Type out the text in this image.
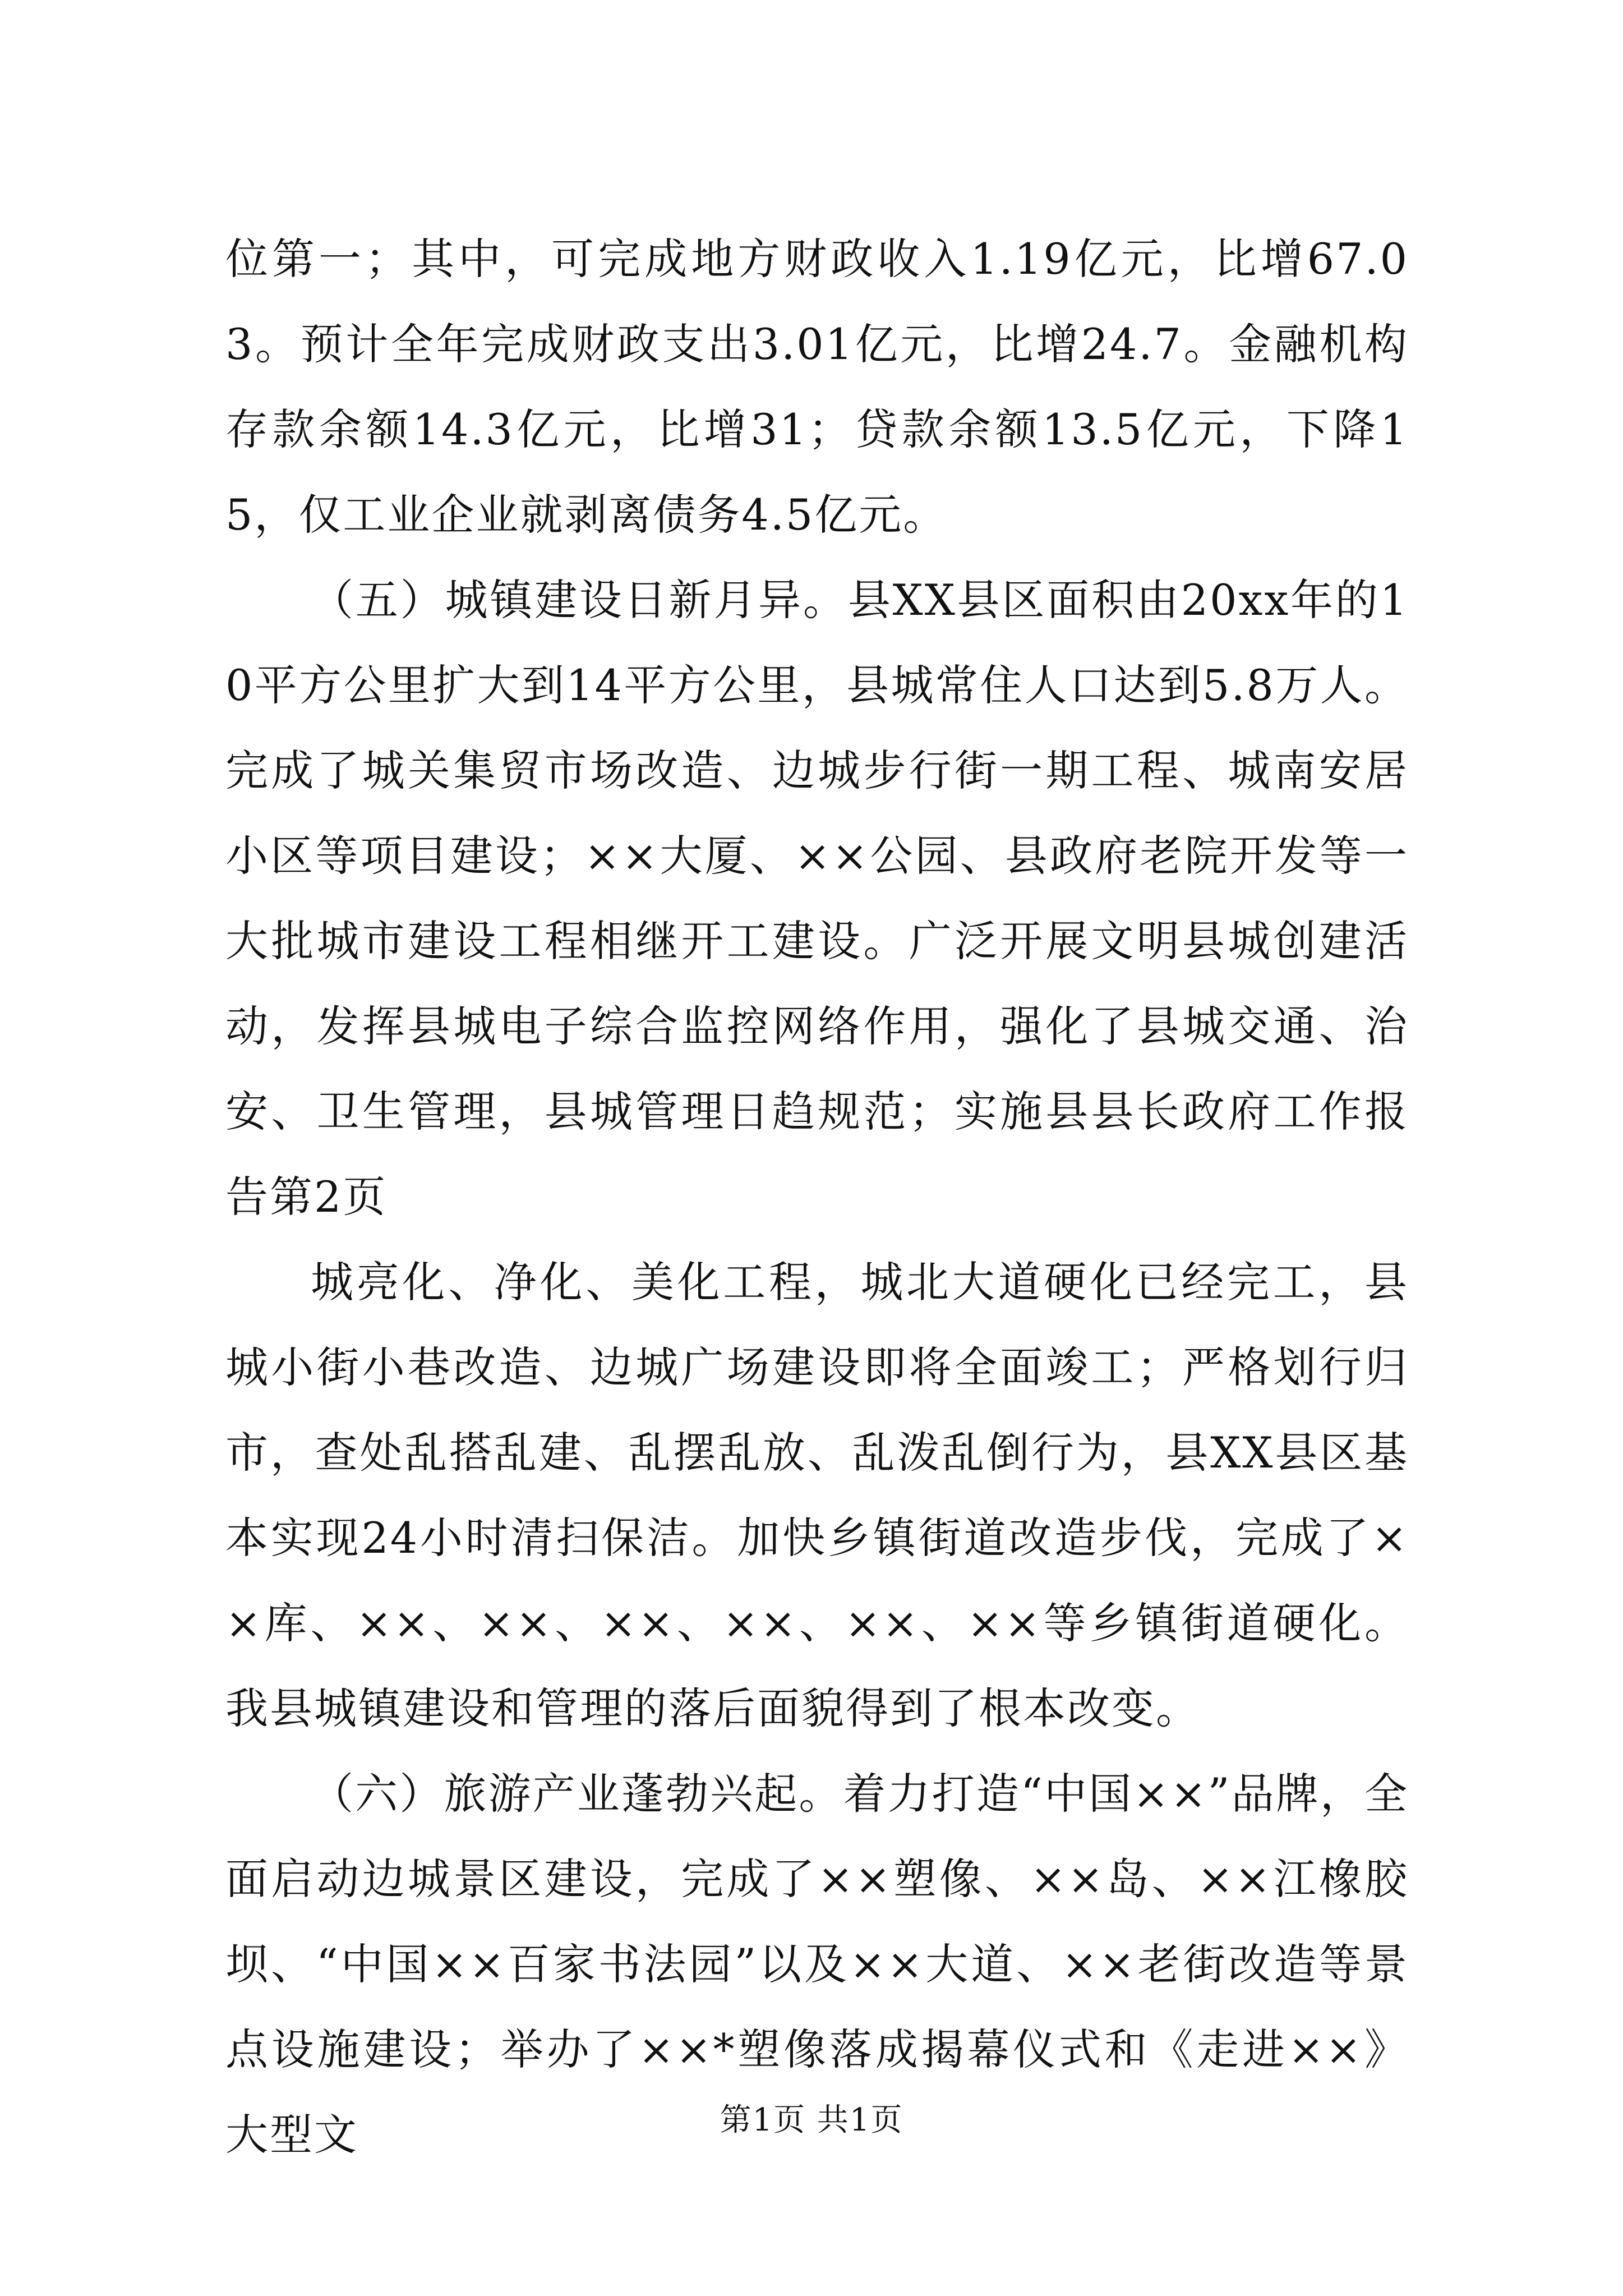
位第一；其中，可完成地方财政收入1.19亿元，比增67.03。预计全年完成财政支出3.01亿元，比增24.7。金融机构存款余额14.3亿元，比增31；贷款余额13.5亿元，下降15，仅工业企业就剥离债务4.5亿元。

（五）城镇建设日新月异。县XX县区面积由20xx年的10平方公里扩大到14平方公里，县城常住人口达到5.8万人。完成了城关集贸市场改造、边城步行街一期工程、城南安居小区等项目建设；××大厦、××公园、县政府老院开发等一大批城市建设工程相继开工建设。广泛开展文明县城创建活动，发挥县城电子综合监控网络作用，强化了县城交通、治安、卫生管理，县城管理日趋规范；实施县县长政府工作报告第2页

城亮化、净化、美化工程，城北大道硬化已经完工，县城小街小巷改造、边城广场建设即将全面竣工；严格划行归市，查处乱搭乱建、乱摆乱放、乱泼乱倒行为，县XX县区基本实现24小时清扫保洁。加快乡镇街道改造步伐，完成了××库、××、××、××、××、××、××等乡镇街道硬化。我县城镇建设和管理的落后面貌得到了根本改变。

（六）旅游产业蓬勃兴起。着力打造“中国××”品牌，全面启动边城景区建设，完成了××塑像、××岛、××江橡胶坝、“中国××百家书法园”以及××大道、××老街改造等景点设施建设；举办了××*塑像落成揭幕仪式和《走进××》大型文	第1页 共1页
